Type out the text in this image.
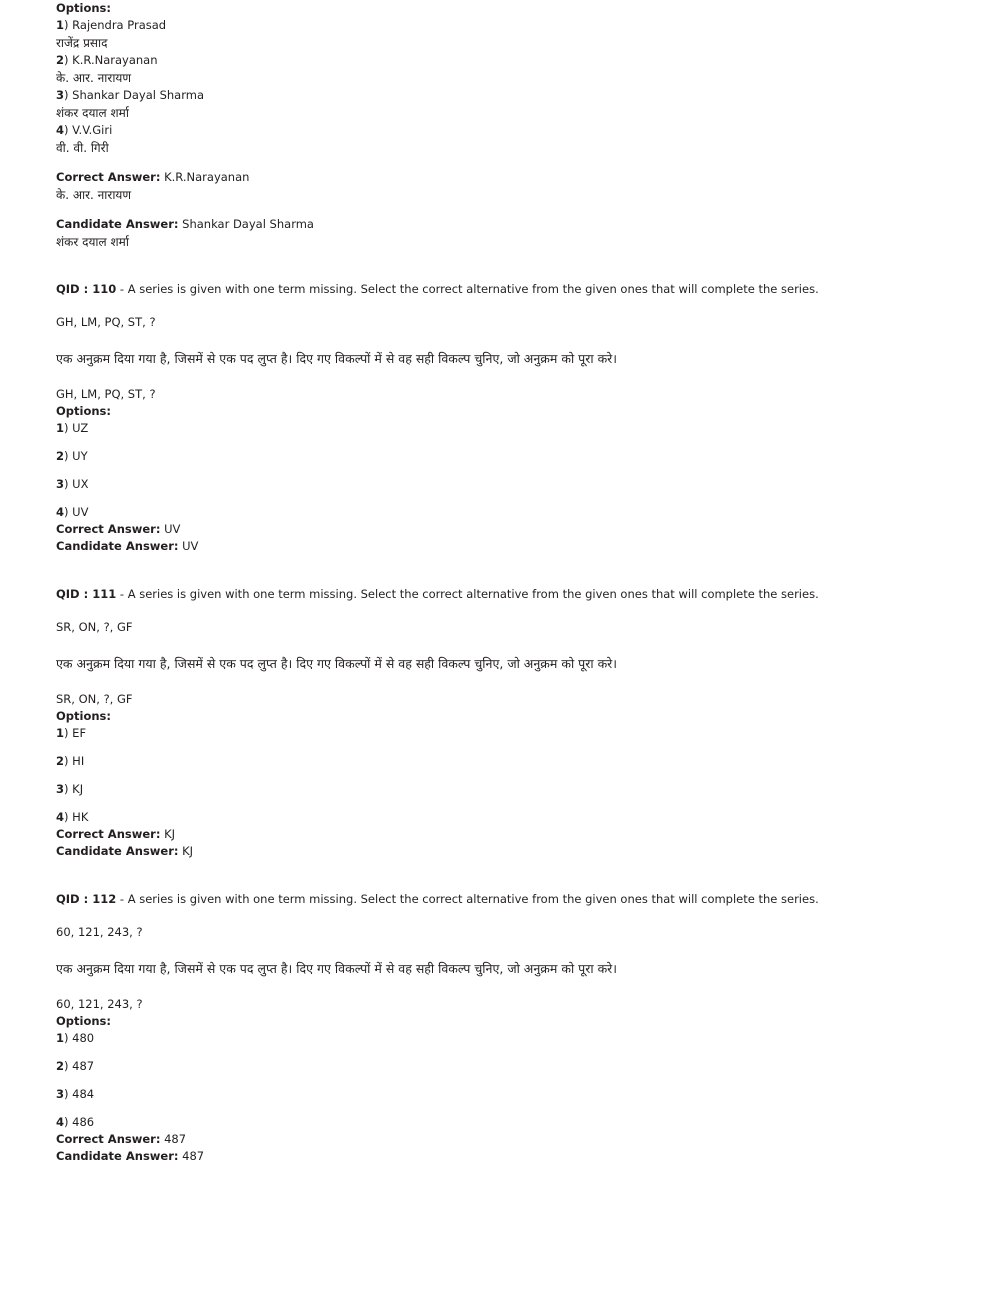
Options:
1) Rajendra Prasad
राजेंद्र प्रसाद
2) K.R.Narayanan
के. आर. नारायण
3) Shankar Dayal Sharma
शंकर दयाल शर्मा
4) V.V.Giri
वी. वी. गिरी
Correct Answer: K.R.Narayanan
के. आर. नारायण
Candidate Answer: Shankar Dayal Sharma
शंकर दयाल शर्मा
QID : 110 - A series is given with one term missing. Select the correct alternative from the given ones that will complete the series.
GH, LM, PQ, ST, ?
एक अनुक्रम दिया गया है, जिसमें से एक पद लुप्त है। दिए गए विकल्पों में से वह सही विकल्प चुनिए, जो अनुक्रम को पूरा करे।
GH, LM, PQ, ST, ?
Options:
1) UZ
2) UY
3) UX
4) UV
Correct Answer: UV
Candidate Answer: UV
QID : 111 - A series is given with one term missing. Select the correct alternative from the given ones that will complete the series.
SR, ON, ?, GF
एक अनुक्रम दिया गया है, जिसमें से एक पद लुप्त है। दिए गए विकल्पों में से वह सही विकल्प चुनिए, जो अनुक्रम को पूरा करे।
SR, ON, ?, GF
Options:
1) EF
2) HI
3) KJ
4) HK
Correct Answer: KJ
Candidate Answer: KJ
QID : 112 - A series is given with one term missing. Select the correct alternative from the given ones that will complete the series.
60, 121, 243, ?
एक अनुक्रम दिया गया है, जिसमें से एक पद लुप्त है। दिए गए विकल्पों में से वह सही विकल्प चुनिए, जो अनुक्रम को पूरा करे।
60, 121, 243, ?
Options:
1) 480
2) 487
3) 484
4) 486
Correct Answer: 487
Candidate Answer: 487
